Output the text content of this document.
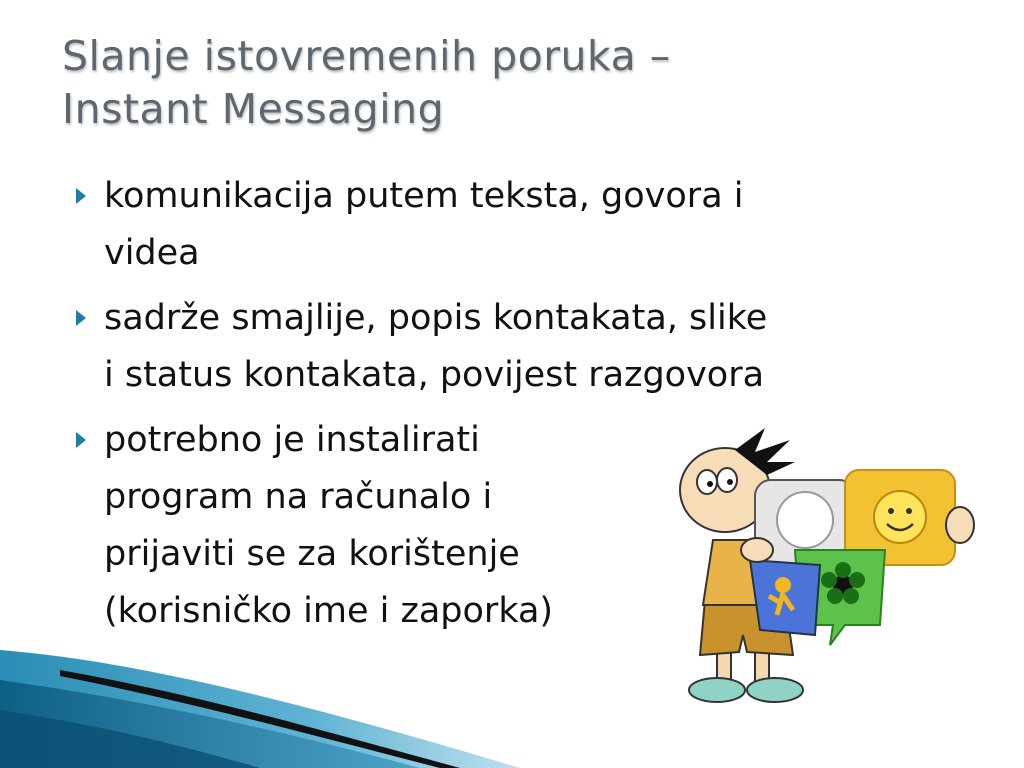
Slanje istovremenih poruka –
Instant Messaging
komunikacija putem teksta, govora i
videa
sadrže smajlije, popis kontakata, slike
i status kontakata, povijest razgovora
potrebno je instalirati
program na računalo i
prijaviti se za korištenje
(korisničko ime i zaporka)
